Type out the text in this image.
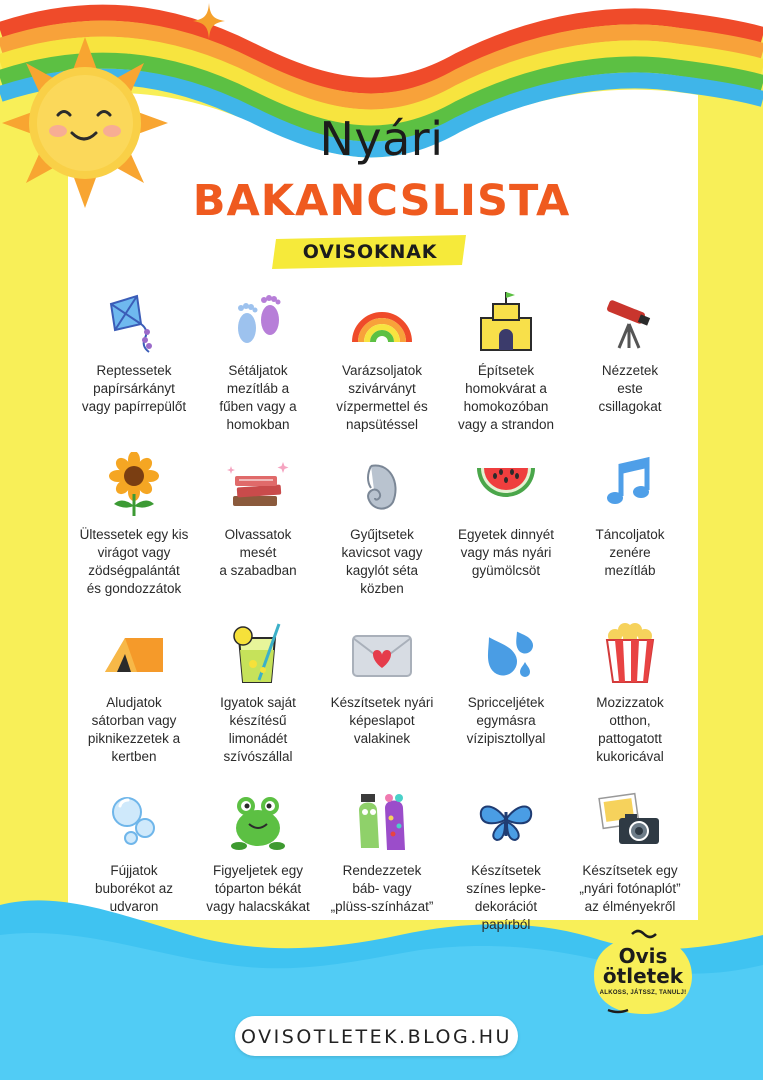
Nyári
BAKANCSLISTA
OVISOKNAK
Reptessetek
papírsárkányt
vagy papírrepülőt
Sétáljatok
mezítláb a
fűben vagy a
homokban
Varázsoljatok
szivárványt
vízpermettel és
napsütéssel
Építsetek
homokvárat a
homokozóban
vagy a strandon
Nézzetek
este
csillagokat
Ültessetek egy kis
virágot vagy
zödségpalántát
és gondozzátok
Olvassatok
mesét
a szabadban
Gyűjtsetek
kavicsot vagy
kagylót séta
közben
Egyetek dinnyét
vagy más nyári
gyümölcsöt
Táncoljatok
zenére
mezítláb
Aludjatok
sátorban vagy
piknikezzetek a
kertben
Igyatok saját
készítésű
limonádét
szívószállal
Készítsetek nyári
képeslapot
valakinek
Spricceljétek
egymásra
vízipisztollyal
Mozizzatok
otthon,
pattogatott
kukoricával
Fújjatok
buborékot az
udvaron
Figyeljetek egy
tóparton békát
vagy halacskákat
Rendezzetek
báb- vagy
„plüss-színházat”
Készítsetek
színes lepke-
dekorációt
papírból
Készítsetek egy
„nyári fotónaplót”
az élményekről
Ovis
ötletek
ALKOSS, JÁTSSZ, TANULJ!
OVISOTLETEK.BLOG.HU
